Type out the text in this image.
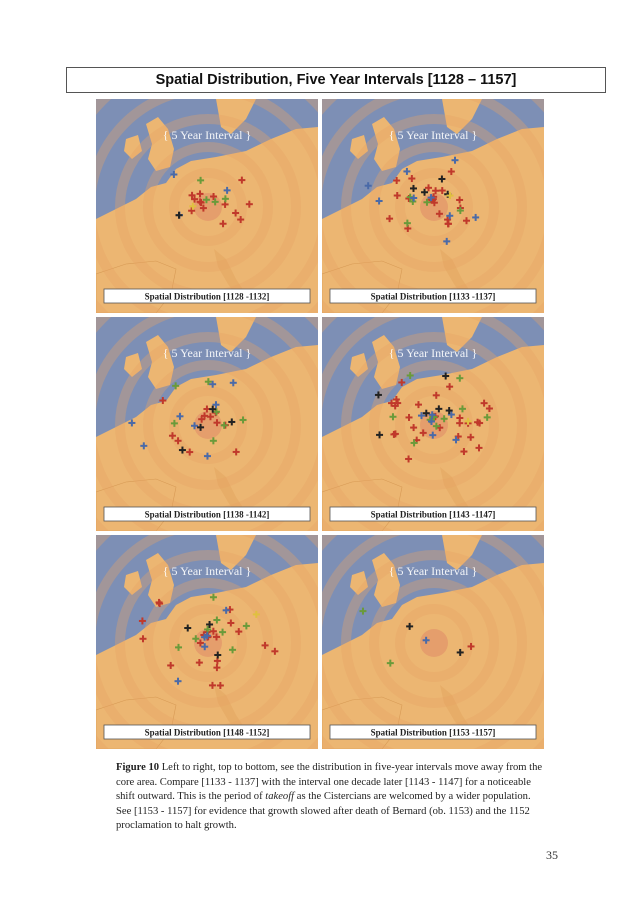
Spatial Distribution, Five Year Intervals [1128 – 1157]
{ 5 Year Interval }
Spatial Distribution [1128 -1132]
{ 5 Year Interval }
Spatial Distribution [1133 -1137]
{ 5 Year Interval }
Spatial Distribution [1138 -1142]
{ 5 Year Interval }
Spatial Distribution [1143 -1147]
{ 5 Year Interval }
Spatial Distribution [1148 -1152]
{ 5 Year Interval }
Spatial Distribution [1153 -1157]
Figure 10 Left to right, top to bottom, see the distribution in five-year intervals move away from the core area. Compare [1133 - 1137] with the interval one decade later [1143 - 1147] for a noticeable shift outward. This is the period of takeoff as the Cistercians are welcomed by a wider population. See [1153 - 1157] for evidence that growth slowed after death of Bernard (ob. 1153) and the 1152 proclamation to halt growth.
35
